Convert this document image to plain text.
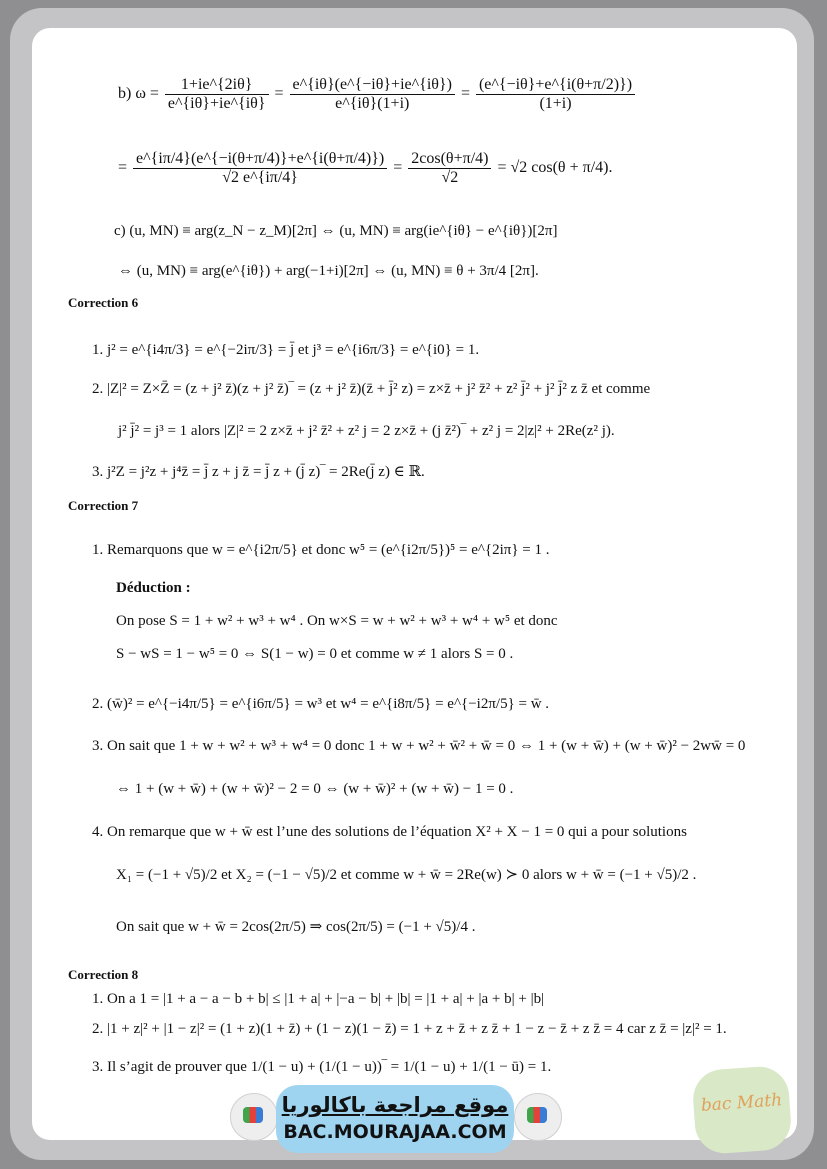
b) $\omega = \frac{1+ie\^{}\{2i\theta\}}{e\^{}\{i\theta\}+ie\^{}\{i\theta\}} = \frac{e\^{}\{i\theta\}(e\^{}\{-i\theta\}+ie\^{}\{i\theta\})}{e\^{}\{i\theta\}(1+i)} = \frac{(e\^{}\{-i\theta\}+e\^{}\{i(\theta+\pi/2)\})}{(1+i)}$
= $\frac{e\^{}\{i\pi/4\}(e\^{}\{-i(\theta+\pi/4)\}+e\^{}\{i(\theta+\pi/4)\})}{√2 e\^{}\{i\pi/4\}} = \frac{2\cos(\theta+\pi/4)}{√2} = √2$ cos(θ + π/4).
c) (u, MN) ≡ arg(z_N − z_M)[2π] ⇔ (u, MN) ≡ arg(ie^{iθ} − e^{iθ})[2π]
⇔ (u, MN) ≡ arg(e^{iθ}) + arg(−1+i)[2π] ⇔ (u, MN) ≡ θ + 3π/4 [2π].
Correction 6
1. j² = e^{i4π/3} = e^{−2iπ/3} = j̄ et j³ = e^{i6π/3} = e^{i0} = 1.
2. |Z|² = Z×Z̄ = (z + j² z̄)(z + j² z̄)‾ = (z + j² z̄)(z̄ + j̄² z) = z×z̄ + j² z̄² + z² j̄² + j² j̄² z z̄ et comme
j² j̄² = j³ = 1 alors |Z|² = 2 z×z̄ + j² z̄² + z² j = 2 z×z̄ + (j z̄²)‾ + z² j = 2|z|² + 2Re(z² j).
3. j²Z = j²z + j⁴z̄ = j̄ z + j z̄ = j̄ z + (j̄ z)‾ = 2Re(j̄ z) ∈ ℝ.
Correction 7
1. Remarquons que w = e^{i2π/5} et donc w⁵ = (e^{i2π/5})⁵ = e^{2iπ} = 1 .
Déduction :
On pose S = 1 + w² + w³ + w⁴ . On w×S = w + w² + w³ + w⁴ + w⁵ et donc
S − wS = 1 − w⁵ = 0 ⇔ S(1 − w) = 0 et comme w ≠ 1 alors S = 0 .
2. (w̄)² = e^{−i4π/5} = e^{i6π/5} = w³ et w⁴ = e^{i8π/5} = e^{−i2π/5} = w̄ .
3. On sait que 1 + w + w² + w³ + w⁴ = 0 donc 1 + w + w² + w̄² + w̄ = 0 ⇔ 1 + (w + w̄) + (w + w̄)² − 2ww̄ = 0
⇔ 1 + (w + w̄) + (w + w̄)² − 2 = 0 ⇔ (w + w̄)² + (w + w̄) − 1 = 0 .
4. On remarque que w + w̄ est l’une des solutions de l’équation X² + X − 1 = 0 qui a pour solutions
X₁ = (−1 + √5)/2 et X₂ = (−1 − √5)/2 et comme w + w̄ = 2Re(w) ≻ 0 alors w + w̄ = (−1 + √5)/2 .
On sait que w + w̄ = 2cos(2π/5) ⇒ cos(2π/5) = (−1 + √5)/4 .
Correction 8
1. On a 1 = |1 + a − a − b + b| ≤ |1 + a| + |−a − b| + |b| = |1 + a| + |a + b| + |b|
2. |1 + z|² + |1 − z|² = (1 + z)(1 + z̄) + (1 − z)(1 − z̄) = 1 + z + z̄ + z z̄ + 1 − z − z̄ + z z̄ = 4 car z z̄ = |z|² = 1.
3. Il s’agit de prouver que 1/(1 − u) + (1/(1 − u))‾ = 1/(1 − u) + 1/(1 − ū) = 1.
موقع مراجعة باكالوريا
BAC.MOURAJAA.COM
bac Math
